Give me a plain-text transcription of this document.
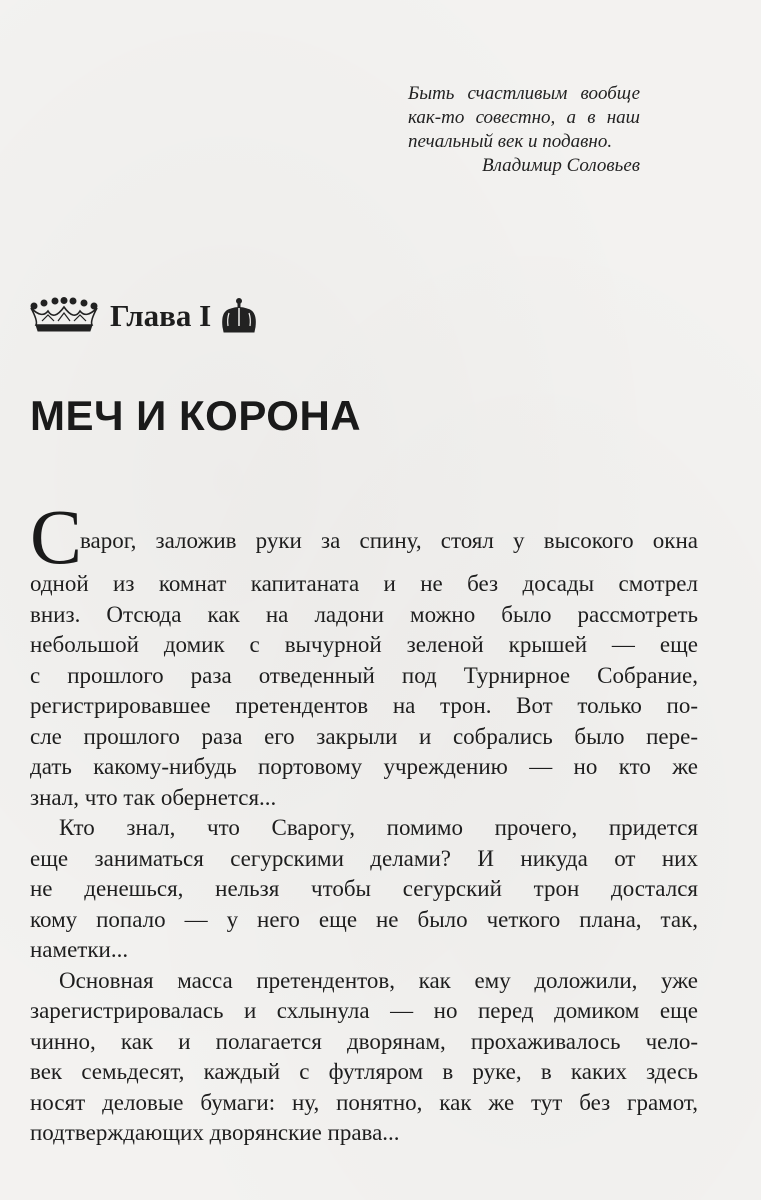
Быть счастливым вообще
как-то совестно, а в наш
печальный век и подавно.
Владимир Соловьев
Глава I
МЕЧ И КОРОНА
С
варог, заложив руки за спину, стоял у высокого окна
одной из комнат капитаната и не без досады смотрел
вниз. Отсюда как на ладони можно было рассмотреть
небольшой домик с вычурной зеленой крышей — еще
с прошлого раза отведенный под Турнирное Собрание,
регистрировавшее претендентов на трон. Вот только по-
сле прошлого раза его закрыли и собрались было пере-
дать какому-нибудь портовому учреждению — но кто же
знал, что так обернется...
Кто знал, что Сварогу, помимо прочего, придется
еще заниматься сегурскими делами? И никуда от них
не денешься, нельзя чтобы сегурский трон достался
кому попало — у него еще не было четкого плана, так,
наметки...
Основная масса претендентов, как ему доложили, уже
зарегистрировалась и схлынула — но перед домиком еще
чинно, как и полагается дворянам, прохаживалось чело-
век семьдесят, каждый с футляром в руке, в каких здесь
носят деловые бумаги: ну, понятно, как же тут без грамот,
подтверждающих дворянские права...
